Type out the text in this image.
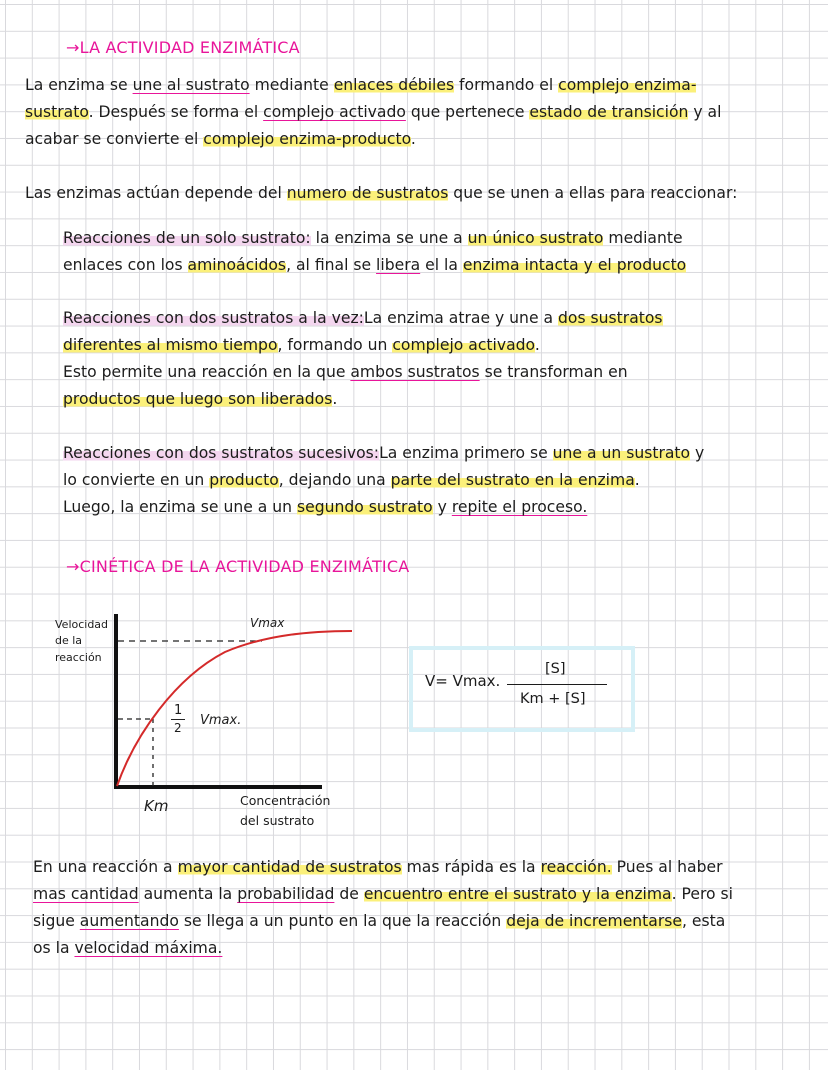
→LA ACTIVIDAD ENZIMÁTICA
La enzima se une al sustrato mediante enlaces débiles formando el complejo enzima-
sustrato. Después se forma el complejo activado que pertenece estado de transición y al
acabar se convierte el complejo enzima-producto.
Las enzimas actúan depende del numero de sustratos que se unen a ellas para reaccionar:
Reacciones de un solo sustrato: la enzima se une a un único sustrato mediante
enlaces con los aminoácidos, al final se libera el la enzima intacta y el producto
Reacciones con dos sustratos a la vez:La enzima atrae y une a dos sustratos
diferentes al mismo tiempo, formando un complejo activado.
Esto permite una reacción en la que ambos sustratos se transforman en
productos que luego son liberados.
Reacciones con dos sustratos sucesivos:La enzima primero se une a un sustrato y
lo convierte en un producto, dejando una parte del sustrato en la enzima.
Luego, la enzima se une a un segundo sustrato y repite el proceso.
→CINÉTICA DE LA ACTIVIDAD ENZIMÁTICA
Velocidad
de la
reacción
Vmax
1
2 Vmax.
Km	Concentración
del sustrato
V= Vmax.
[S]
Km + [S]
En una reacción a mayor cantidad de sustratos mas rápida es la reacción. Pues al haber
mas cantidad aumenta la probabilidad de encuentro entre el sustrato y la enzima. Pero si
sigue aumentando se llega a un punto en la que la reacción deja de incrementarse, esta
os la velocidad máxima.
